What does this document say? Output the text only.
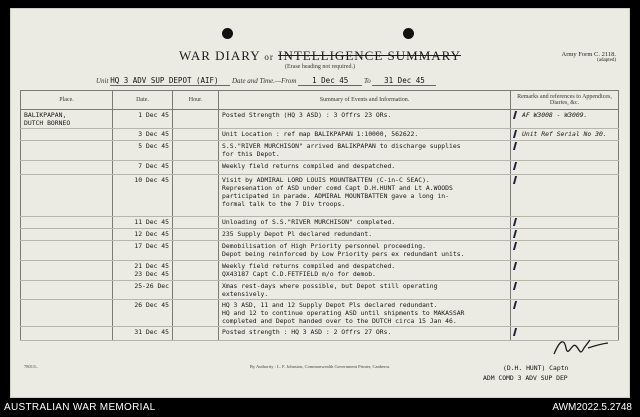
WAR DIARY or INTELLIGENCE SUMMARY
(Erase heading not required.)
Army Form C. 2118.
(adapted)
Unit HQ 3 ADV SUP DEPOT (AIF) Date and Time.—From 1 Dec 45 To 31 Dec 45
Place.	Date.	Hour.	Summary of Events and Information.	Remarks and references to Appendices, Diaries, &c.
BALIKPAPAN,
DUTCH BORNEO	1 Dec 45		Posted Strength (HQ 3 ASD) : 3 Offrs 23 ORs.	AF W3008 - W3009.
	3 Dec 45		Unit Location : ref map BALIKPAPAN 1:10000, 562622.	Unit Ref Serial No 30.
	5 Dec 45		S.S."RIVER MURCHISON" arrived BALIKPAPAN to discharge supplies
for this Depot.	
	7 Dec 45		Weekly field returns compiled and despatched.	
	10 Dec 45		Visit by ADMIRAL LORD LOUIS MOUNTBATTEN (C-in-C SEAC).
Represenation of ASD under comd Capt D.H.HUNT and Lt A.WOODS
participated in parade. ADMIRAL MOUNTBATTEN gave a long in-
formal talk to the 7 Div troops.	
	11 Dec 45		Unloading of S.S."RIVER MURCHISON" completed.	
	12 Dec 45		235 Supply Depot Pl declared redundant.	
	17 Dec 45		Demobilisation of High Priority personnel proceeding.
Depot being reinforced by Low Priority pers ex redundant units.	
	21 Dec 45
23 Dec 45		Weekly field returns compiled and despatched.
QX43187 Capt C.D.FETFIELD m/o for demob.	
	25-26 Dec		Xmas rest-days where possible, but Depot still operating
extensively.	
	26 Dec 45		HQ 3 ASD, 11 and 12 Supply Depot Pls declared redundant.
HQ and 12 to continue operating ASD until shipments to MAKASSAR
completed and Depot handed over to the DUTCH circa 15 Jan 46.	
	31 Dec 45		Posted strength : HQ 3 ASD : 2 Offrs 27 ORs.	
7801/L.	By Authority : L. F. Johnston, Commonwealth Government Printer, Canberra.	(D.H. HUNT) Captn
ADM COMD 3 ADV SUP DEP
AUSTRALIAN WAR MEMORIAL	AWM2022.5.2748
